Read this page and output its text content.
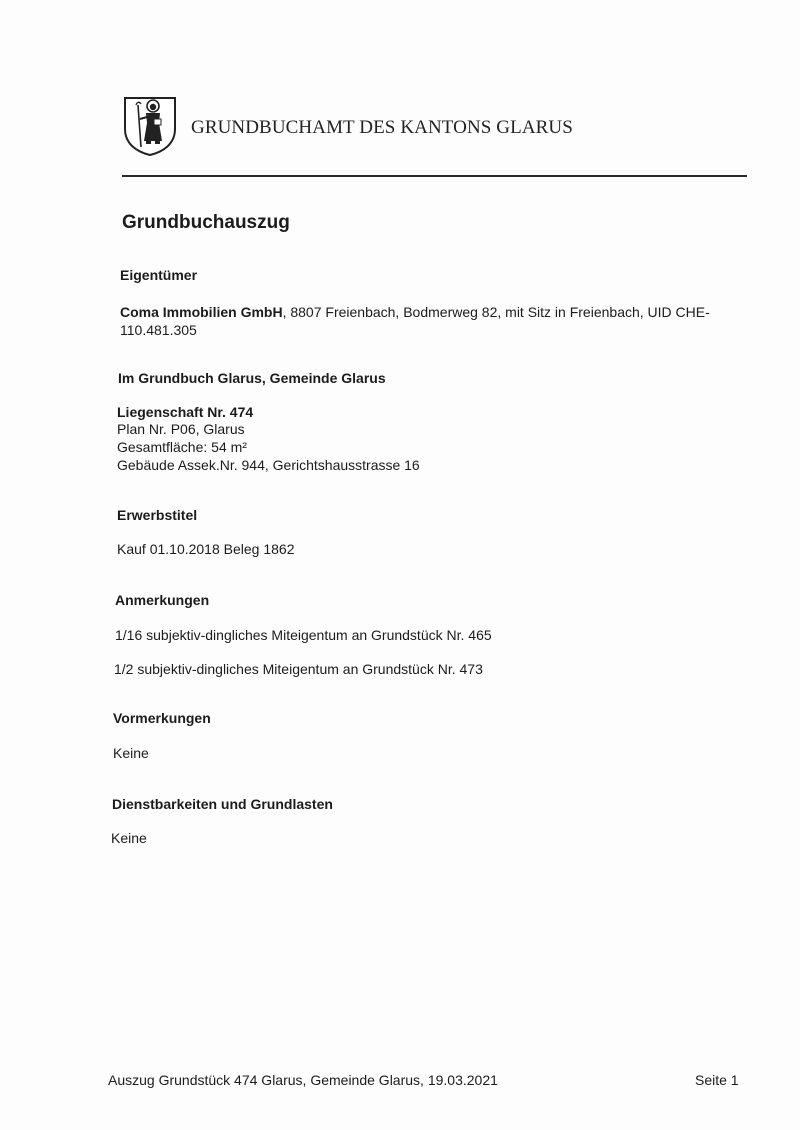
GRUNDBUCHAMT DES KANTONS GLARUS
Grundbuchauszug
Eigentümer
Coma Immobilien GmbH, 8807 Freienbach, Bodmerweg 82, mit Sitz in Freienbach, UID CHE-
110.481.305
Im Grundbuch Glarus, Gemeinde Glarus
Liegenschaft Nr. 474
Plan Nr. P06, Glarus
Gesamtfläche: 54 m²
Gebäude Assek.Nr. 944, Gerichtshausstrasse 16
Erwerbstitel
Kauf 01.10.2018 Beleg 1862
Anmerkungen
1/16 subjektiv-dingliches Miteigentum an Grundstück Nr. 465
1/2 subjektiv-dingliches Miteigentum an Grundstück Nr. 473
Vormerkungen
Keine
Dienstbarkeiten und Grundlasten
Keine
Auszug Grundstück 474 Glarus, Gemeinde Glarus, 19.03.2021	Seite 1
